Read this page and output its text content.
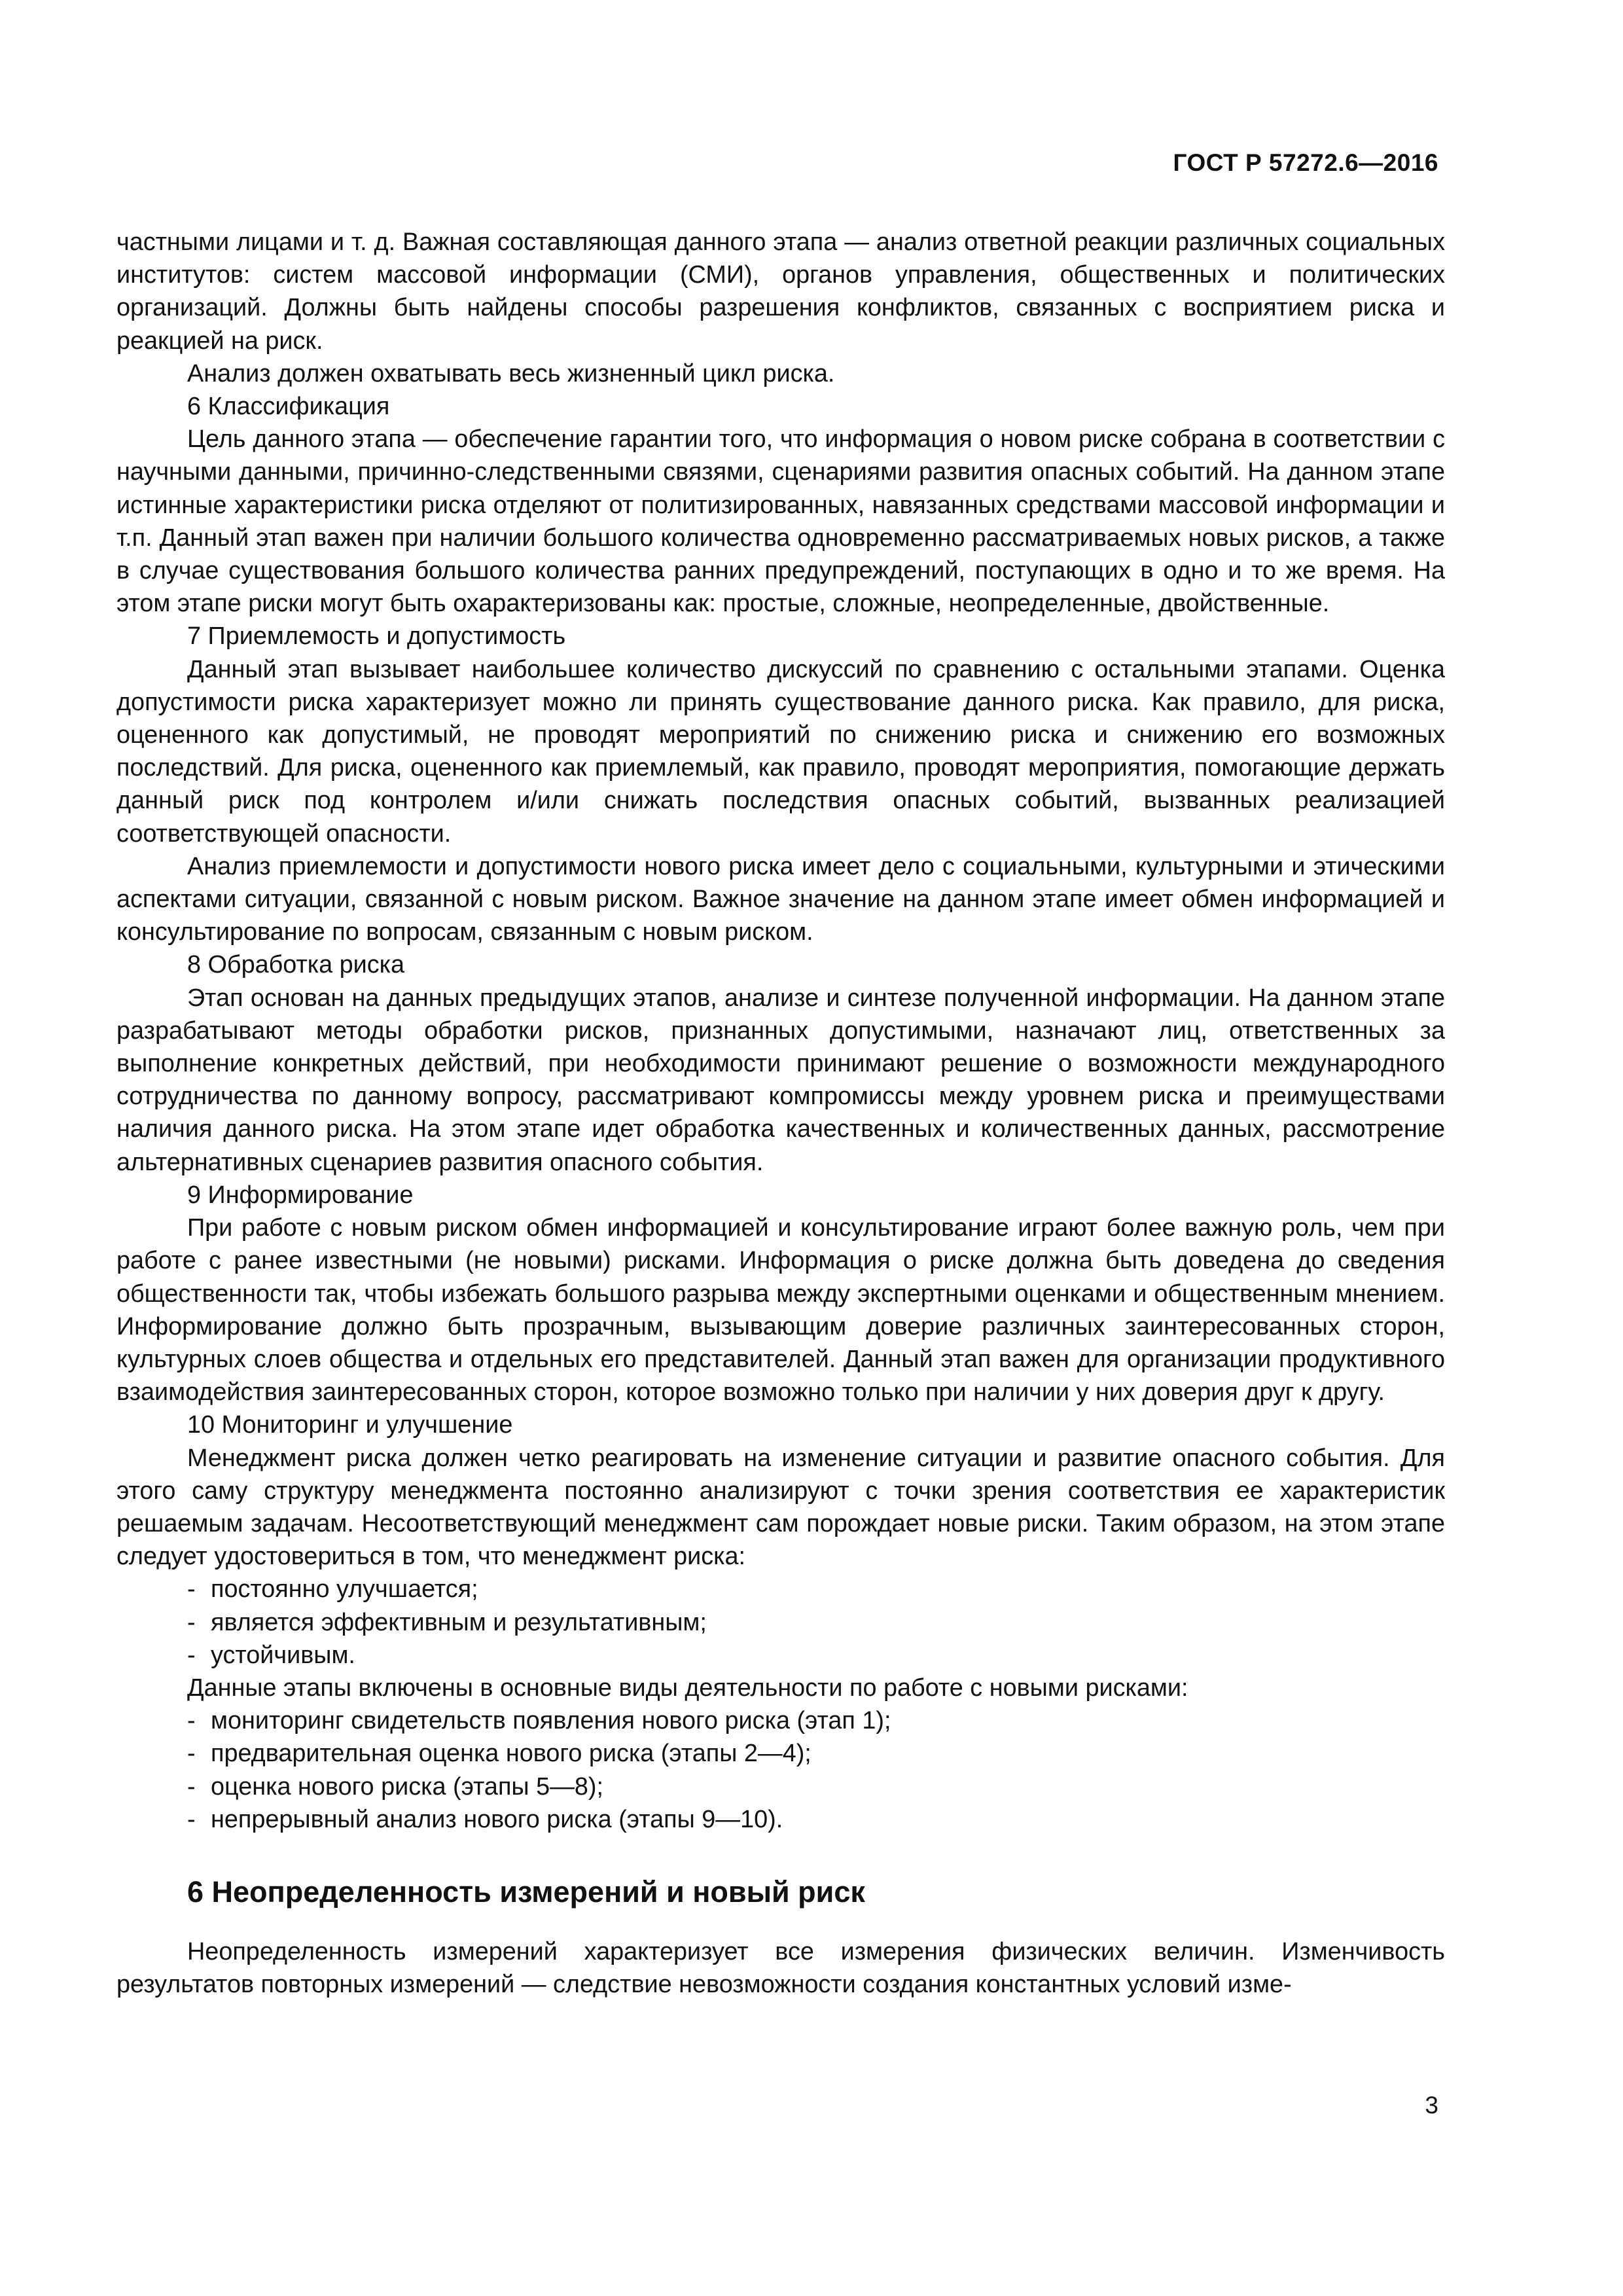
ГОСТ Р 57272.6—2016

частными лицами и т. д. Важная составляющая данного этапа — анализ ответной реакции различных социальных институтов: систем массовой информации (СМИ), органов управления, общественных и политических организаций. Должны быть найдены способы разрешения конфликтов, связанных с восприятием риска и реакцией на риск.

Анализ должен охватывать весь жизненный цикл риска.

6 Классификация

Цель данного этапа — обеспечение гарантии того, что информация о новом риске собрана в соответствии с научными данными, причинно-следственными связями, сценариями развития опасных событий. На данном этапе истинные характеристики риска отделяют от политизированных, навязанных средствами массовой информации и т.п. Данный этап важен при наличии большого количества одновременно рассматриваемых новых рисков, а также в случае существования большого количества ранних предупреждений, поступающих в одно и то же время. На этом этапе риски могут быть охарактеризованы как: простые, сложные, неопределенные, двойственные.

7 Приемлемость и допустимость

Данный этап вызывает наибольшее количество дискуссий по сравнению с остальными этапами. Оценка допустимости риска характеризует можно ли принять существование данного риска. Как правило, для риска, оцененного как допустимый, не проводят мероприятий по снижению риска и снижению его возможных последствий. Для риска, оцененного как приемлемый, как правило, проводят мероприятия, помогающие держать данный риск под контролем и/или снижать последствия опасных событий, вызванных реализацией соответствующей опасности.

Анализ приемлемости и допустимости нового риска имеет дело с социальными, культурными и этическими аспектами ситуации, связанной с новым риском. Важное значение на данном этапе имеет обмен информацией и консультирование по вопросам, связанным с новым риском.

8 Обработка риска

Этап основан на данных предыдущих этапов, анализе и синтезе полученной информации. На данном этапе разрабатывают методы обработки рисков, признанных допустимыми, назначают лиц, ответственных за выполнение конкретных действий, при необходимости принимают решение о возможности международного сотрудничества по данному вопросу, рассматривают компромиссы между уровнем риска и преимуществами наличия данного риска. На этом этапе идет обработка качественных и количественных данных, рассмотрение альтернативных сценариев развития опасного события.

9 Информирование

При работе с новым риском обмен информацией и консультирование играют более важную роль, чем при работе с ранее известными (не новыми) рисками. Информация о риске должна быть доведена до сведения общественности так, чтобы избежать большого разрыва между экспертными оценками и общественным мнением. Информирование должно быть прозрачным, вызывающим доверие различных заинтересованных сторон, культурных слоев общества и отдельных его представителей. Данный этап важен для организации продуктивного взаимодействия заинтересованных сторон, которое возможно только при наличии у них доверия друг к другу.

10 Мониторинг и улучшение

Менеджмент риска должен четко реагировать на изменение ситуации и развитие опасного события. Для этого саму структуру менеджмента постоянно анализируют с точки зрения соответствия ее характеристик решаемым задачам. Несоответствующий менеджмент сам порождает новые риски. Таким образом, на этом этапе следует удостовериться в том, что менеджмент риска:

- постоянно улучшается;

- является эффективным и результативным;

- устойчивым.

Данные этапы включены в основные виды деятельности по работе с новыми рисками:

- мониторинг свидетельств появления нового риска (этап 1);

- предварительная оценка нового риска (этапы 2—4);

- оценка нового риска (этапы 5—8);

- непрерывный анализ нового риска (этапы 9—10).

6 Неопределенность измерений и новый риск

Неопределенность измерений характеризует все измерения физических величин. Изменчивость результатов повторных измерений — следствие невозможности создания константных условий изме-

3
